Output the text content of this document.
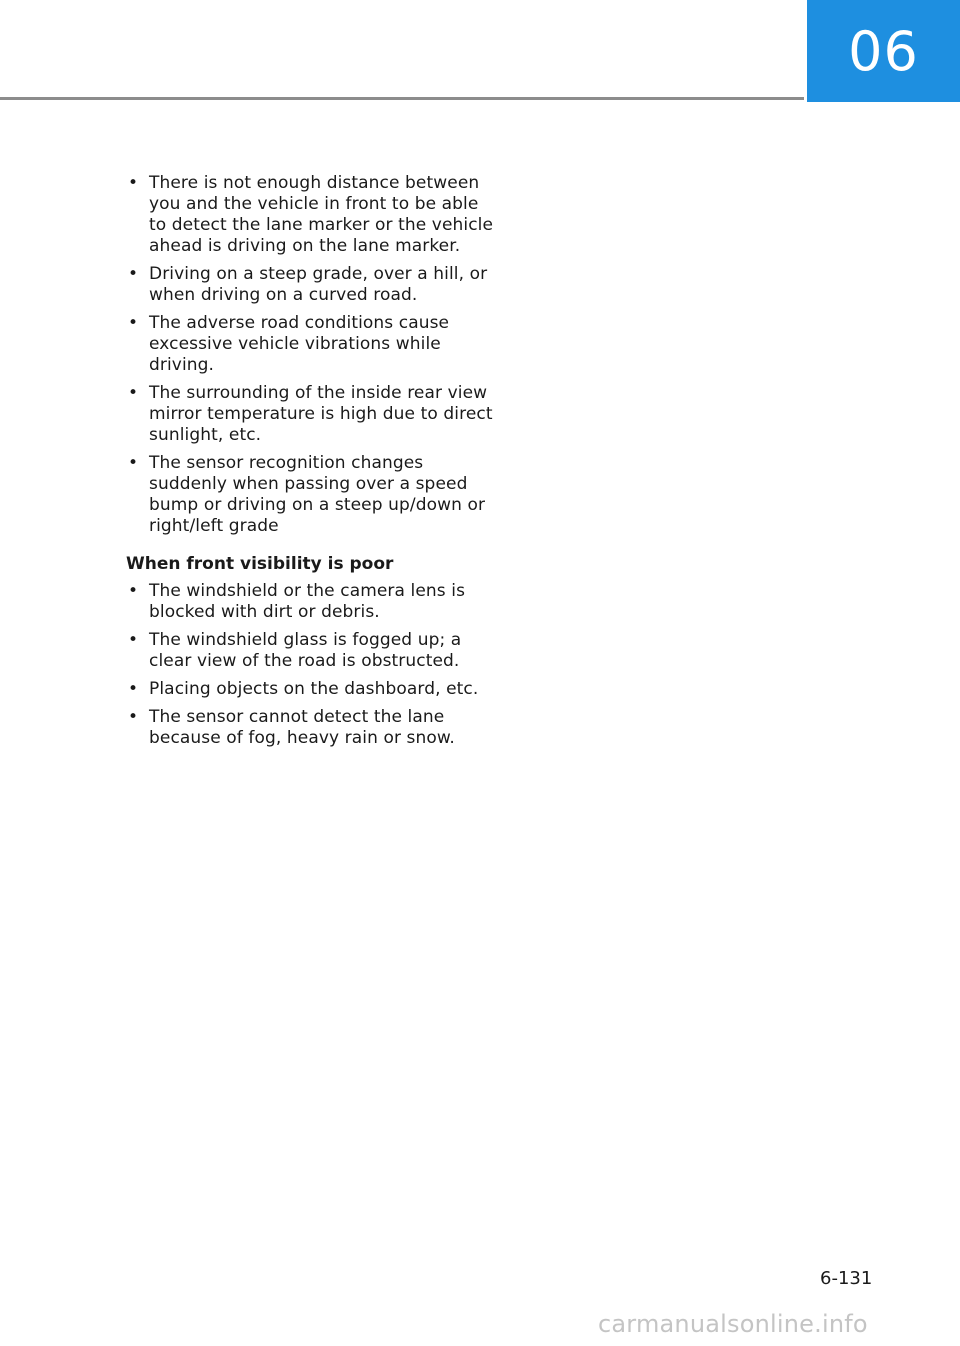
06
• There is not enough distance between you and the vehicle in front to be able to detect the lane marker or the vehicle ahead is driving on the lane marker.
• Driving on a steep grade, over a hill, or when driving on a curved road.
• The adverse road conditions cause excessive vehicle vibrations while driving.
• The surrounding of the inside rear view mirror temperature is high due to direct sunlight, etc.
• The sensor recognition changes suddenly when passing over a speed bump or driving on a steep up/down or right/left grade
When front visibility is poor
• The windshield or the camera lens is blocked with dirt or debris.
• The windshield glass is fogged up; a clear view of the road is obstructed.
• Placing objects on the dashboard, etc.
• The sensor cannot detect the lane because of fog, heavy rain or snow.
6-131
carmanualsonline.info
